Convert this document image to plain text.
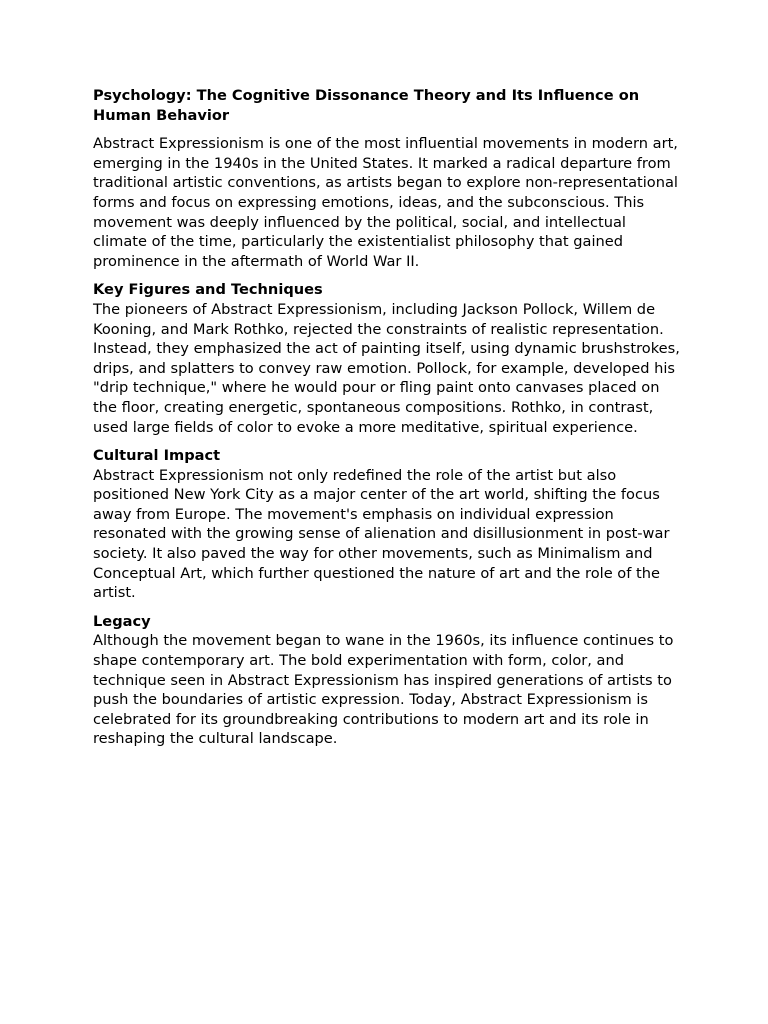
Psychology: The Cognitive Dissonance Theory and Its Influence on Human Behavior
Abstract Expressionism is one of the most influential movements in modern art, emerging in the 1940s in the United States. It marked a radical departure from traditional artistic conventions, as artists began to explore non-representational forms and focus on expressing emotions, ideas, and the subconscious. This movement was deeply influenced by the political, social, and intellectual climate of the time, particularly the existentialist philosophy that gained prominence in the aftermath of World War II.
Key Figures and Techniques
The pioneers of Abstract Expressionism, including Jackson Pollock, Willem de Kooning, and Mark Rothko, rejected the constraints of realistic representation. Instead, they emphasized the act of painting itself, using dynamic brushstrokes, drips, and splatters to convey raw emotion. Pollock, for example, developed his "drip technique," where he would pour or fling paint onto canvases placed on the floor, creating energetic, spontaneous compositions. Rothko, in contrast, used large fields of color to evoke a more meditative, spiritual experience.
Cultural Impact
Abstract Expressionism not only redefined the role of the artist but also positioned New York City as a major center of the art world, shifting the focus away from Europe. The movement's emphasis on individual expression resonated with the growing sense of alienation and disillusionment in post-war society. It also paved the way for other movements, such as Minimalism and Conceptual Art, which further questioned the nature of art and the role of the artist.
Legacy
Although the movement began to wane in the 1960s, its influence continues to shape contemporary art. The bold experimentation with form, color, and technique seen in Abstract Expressionism has inspired generations of artists to push the boundaries of artistic expression. Today, Abstract Expressionism is celebrated for its groundbreaking contributions to modern art and its role in reshaping the cultural landscape.
